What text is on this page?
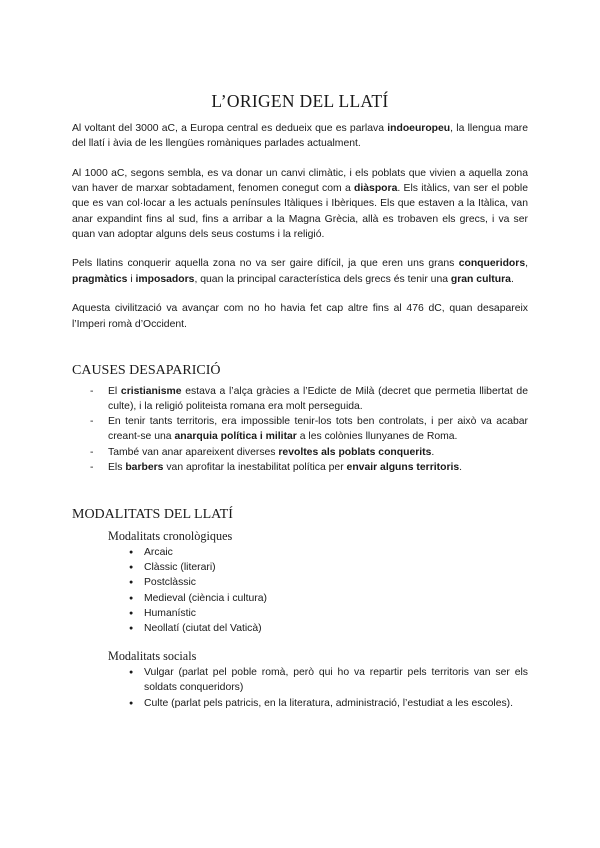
L’ORIGEN DEL LLATÍ

Al voltant del 3000 aC, a Europa central es dedueix que es parlava indoeuropeu, la llengua mare del llatí i àvia de les llengües romàniques parlades actualment.

Al 1000 aC, segons sembla, es va donar un canvi climàtic, i els poblats que vivien a aquella zona van haver de marxar sobtadament, fenomen conegut com a diàspora. Els itàlics, van ser el poble que es van col·locar a les actuals penínsules Itàliques i Ibèriques. Els que estaven a la Itàlica, van anar expandint fins al sud, fins a arribar a la Magna Grècia, allà es trobaven els grecs, i va ser quan van adoptar alguns dels seus costums i la religió.

Pels llatins conquerir aquella zona no va ser gaire difícil, ja que eren uns grans conqueridors, pragmàtics i imposadors, quan la principal característica dels grecs és tenir una gran cultura.

Aquesta civilització va avançar com no ho havia fet cap altre fins al 476 dC, quan desapareix l’Imperi romà d’Occident.

CAUSES DESAPARICIÓ
- El cristianisme estava a l’alça gràcies a l’Edicte de Milà (decret que permetia llibertat de culte), i la religió politeista romana era molt perseguida.
- En tenir tants territoris, era impossible tenir-los tots ben controlats, i per això va acabar creant-se una anarquia política i militar a les colònies llunyanes de Roma.
- També van anar apareixent diverses revoltes als poblats conquerits.
- Els barbers van aprofitar la inestabilitat política per envair alguns territoris.
MODALITATS DEL LLATÍ
Modalitats cronològiques
● Arcaic
● Clàssic (literari)
● Postclàssic
● Medieval (ciència i cultura)
● Humanístic
● Neollatí (ciutat del Vaticà)
Modalitats socials
● Vulgar (parlat pel poble romà, però qui ho va repartir pels territoris van ser els soldats conqueridors)
● Culte (parlat pels patricis, en la literatura, administració, l’estudiat a les escoles).
